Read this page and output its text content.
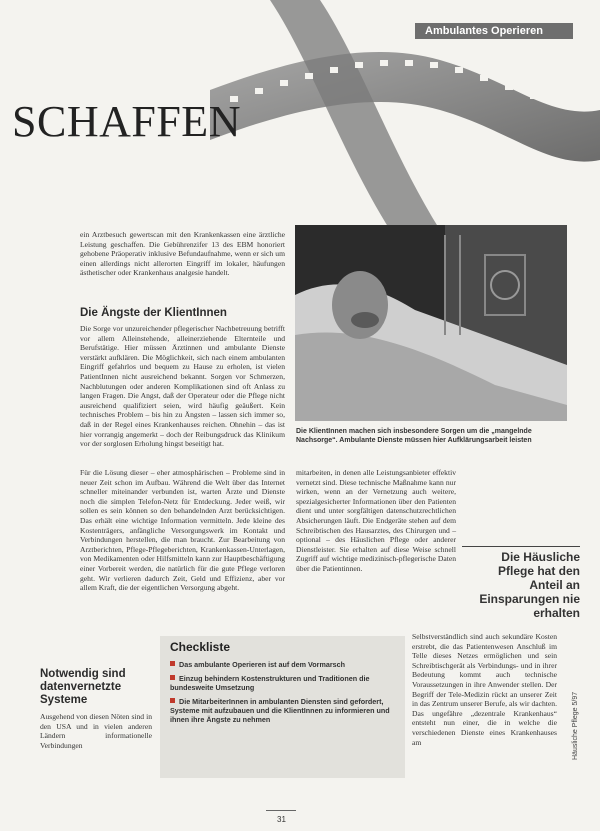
Ambulantes Operieren
SCHAFFEN

ein Arztbesuch gewertscan mit den Krankenkassen eine ärztliche Leistung geschaffen. Die Gebührenzifer 13 des EBM honoriert gehobene Präoperativ inklusive Befundaufnahme, wenn er sich um einen allerdings nicht allerorten Eingriff im lokaler, häufungen ästhetischer oder Krankenhaus analgesie handelt.

Die Ängste der KlientInnen

Die Sorge vor unzureichender pflegerischer Nachbetreuung betrifft vor allem Alleinstehende, alleinerziehende Elternteile und Berufstätige. Hier müssen Ärztinnen und ambulante Dienste verstärkt aufklären. Die Möglichkeit, sich nach einem ambulanten Eingriff gefahrlos und bequem zu Hause zu erholen, ist vielen PatientInnen nicht ausreichend bekannt. Sorgen vor Schmerzen, Nachblutungen oder anderen Komplikationen sind oft Anlass zu langen Fragen. Die Angst, daß der Operateur oder die Pflege nicht ausreichend qualifiziert seien, wird häufig geäußert. Kein technisches Problem – bis hin zu Ängsten – lassen sich immer so, daß in der Regel eines Krankenhauses reichen. Ohnehin – das ist hier vorrangig angemerkt – doch der Reibungsdruck das Klinikum vor der sorglosen Erholung hingst beseitigt hat.

Für die Lösung dieser – eher atmosphärischen – Probleme sind in neuer Zeit schon im Aufbau. Während die Welt über das Internet schneller miteinander verbunden ist, warten Ärzte und Dienste noch die simplen Telefon-Netz für Entdeckung. Jeder weiß, wir sollen es sein können so den behandelnden Arzt berücksichtigen. Das erhält eine wichtige Information vermitteln. Jede kleine des Kostenträgers, anfängliche Versorgungswerk im Kontakt und Verbindungen herstellen, die man braucht. Zur Bearbeitung von Arztberichten, Pflege-Pflegeberichten, Krankenkassen-Unterlagen, von Medikamenten oder Hilfsmitteln kann zur Hauptbeschäftigung einer Vorbereit werden, die natürlich für die gute Pflege verloren geht. Wir verlieren dadurch Zeit, Geld und Effizienz, aber vor allem Kraft, die der eigentlichen Versorgung abgeht.

Notwendig sind datenvernetzte Systeme

Ausgehend von diesen Nöten sind in den USA und in vielen anderen Ländern informationelle Verbindungen

Die KlientInnen machen sich insbesondere Sorgen um die „mangelnde Nachsorge“. Ambulante Dienste müssen hier Aufklärungsarbeit leisten

mitarbeiten, in denen alle Leistungsanbieter effektiv vernetzt sind. Diese technische Maßnahme kann nur wirken, wenn an der Vernetzung auch weitere, spezialgesicherter Informationen über den Patienten dient und unter sorgfältigen datenschutzrechtlichen Absicherungen läuft. Die Endgeräte stehen auf dem Schreibtischen des Hausarztes, des Chirurgen und – optional – des Häuslichen Pflege oder anderer Dienstleister. Sie erhalten auf diese Weise schnell Zugriff auf wichtige medizinisch-pflegerische Daten über die Patientinnen.

Die Häusliche Pflege hat den Anteil an Einsparungen nie erhalten

Selbstverständlich sind auch sekundäre Kosten erstrebt, die das Patientenwesen Anschluß im Telle dieses Netzes ermöglichen und sein Schreibtischgerät als Verbindungs- und in ihrer Bedeutung kommt auch technische Voraussetzungen in ihre Anwender stellen. Der Begriff der Tele-Medizin rückt an unserer Zeit in das Zentrum unserer Berufe, als wir dachten. Das ungefähre „dezentrale Krankenhaus“ entsteht nun einer, die in welche die verschiedenen Dienste eines Krankenhauses am

Checkliste
Das ambulante Operieren ist auf dem Vormarsch
Einzug behindern Kostenstrukturen und Traditionen die bundesweite Umsetzung
Die MitarbeiterInnen in ambulanten Diensten sind gefordert, Systeme mit aufzubauen und die KlientInnen zu informieren und ihnen ihre Ängste zu nehmen	Häusliche Pflege 5/97
31
